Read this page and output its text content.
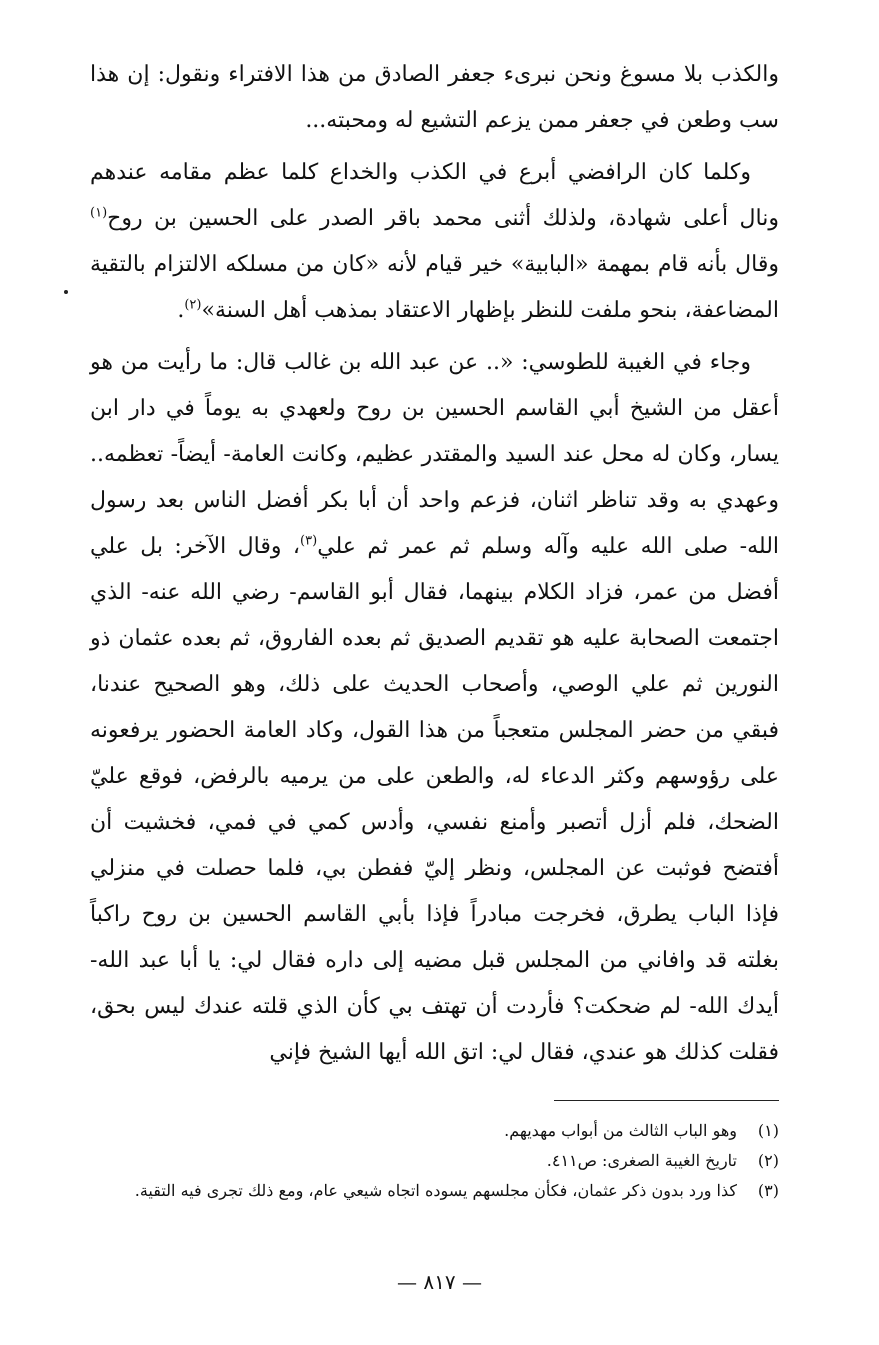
والكذب بلا مسوغ ونحن نبرىء جعفر الصادق من هذا الافتراء ونقول: إن هذا سب وطعن في جعفر ممن يزعم التشيع له ومحبته...

وكلما كان الرافضي أبرع في الكذب والخداع كلما عظم مقامه عندهم ونال أعلى شهادة، ولذلك أثنى محمد باقر الصدر على الحسين بن روح$^{(١)}$ وقال بأنه قام بمهمة «البابية» خير قيام لأنه «كان من مسلكه الالتزام بالتقية المضاعفة، بنحو ملفت للنظر بإظهار الاعتقاد بمذهب أهل السنة»$^{(٢)}$.

وجاء في الغيبة للطوسي: «.. عن عبد الله بن غالب قال: ما رأيت من هو أعقل من الشيخ أبي القاسم الحسين بن روح ولعهدي به يوماً في دار ابن يسار، وكان له محل عند السيد والمقتدر عظيم، وكانت العامة- أيضاً- تعظمه.. وعهدي به وقد تناظر اثنان، فزعم واحد أن أبا بكر أفضل الناس بعد رسول الله- صلى الله عليه وآله وسلم ثم عمر ثم علي$^{(٣)}$، وقال الآخر: بل علي أفضل من عمر، فزاد الكلام بينهما، فقال أبو القاسم- رضي الله عنه- الذي اجتمعت الصحابة عليه هو تقديم الصديق ثم بعده الفاروق، ثم بعده عثمان ذو النورين ثم علي الوصي، وأصحاب الحديث على ذلك، وهو الصحيح عندنا، فبقي من حضر المجلس متعجباً من هذا القول، وكاد العامة الحضور يرفعونه على رؤوسهم وكثر الدعاء له، والطعن على من يرميه بالرفض، فوقع عليّ الضحك، فلم أزل أتصبر وأمنع نفسي، وأدس كمي في فمي، فخشيت أن أفتضح فوثبت عن المجلس، ونظر إليّ ففطن بي، فلما حصلت في منزلي فإذا الباب يطرق، فخرجت مبادراً فإذا بأبي القاسم الحسين بن روح راكباً بغلته قد وافاني من المجلس قبل مضيه إلى داره فقال لي: يا أبا عبد الله- أيدك الله- لم ضحكت؟ فأردت أن تهتف بي كأن الذي قلته عندك ليس بحق، فقلت كذلك هو عندي، فقال لي: اتق الله أيها الشيخ فإني

(١)وهو الباب الثالث من أبواب مهديهم.
(٢)تاريخ الغيبة الصغرى: ص٤١١.
(٣)كذا ورد بدون ذكر عثمان، فكأن مجلسهم يسوده اتجاه شيعي عام، ومع ذلك تجرى فيه التقية.
— ٨١٧ —
